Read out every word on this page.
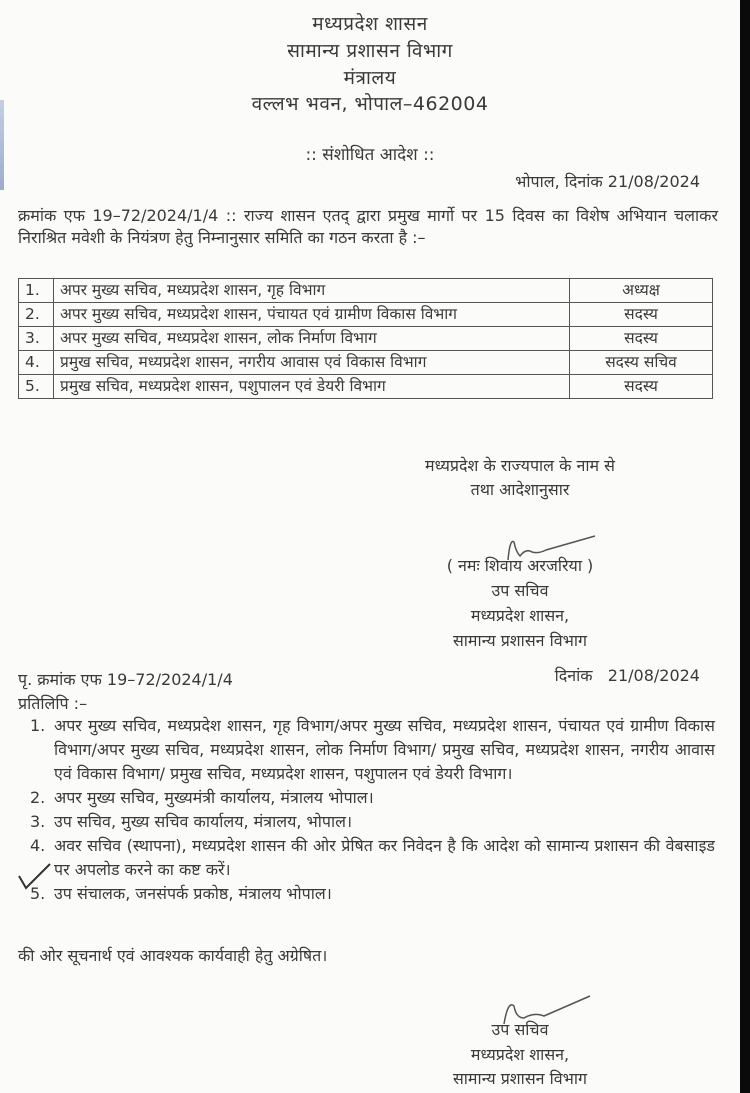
मध्यप्रदेश शासन
सामान्य प्रशासन विभाग
मंत्रालय
वल्लभ भवन, भोपाल–462004
:: संशोधित आदेश ::
भोपाल, दिनांक 21/08/2024
क्रमांक एफ 19–72/2024/1/4 :: राज्य शासन एतद् द्वारा प्रमुख मार्गो पर 15 दिवस का विशेष अभियान चलाकर निराश्रित मवेशी के नियंत्रण हेतु निम्नानुसार समिति का गठन करता है :–
1.	अपर मुख्य सचिव, मध्यप्रदेश शासन, गृह विभाग	अध्यक्ष
2.	अपर मुख्य सचिव, मध्यप्रदेश शासन, पंचायत एवं ग्रामीण विकास विभाग	सदस्य
3.	अपर मुख्य सचिव, मध्यप्रदेश शासन, लोक निर्माण विभाग	सदस्य
4.	प्रमुख सचिव, मध्यप्रदेश शासन, नगरीय आवास एवं विकास विभाग	सदस्य सचिव
5.	प्रमुख सचिव, मध्यप्रदेश शासन, पशुपालन एवं डेयरी विभाग	सदस्य
मध्यप्रदेश के राज्यपाल के नाम से
तथा आदेशानुसार
( नमः शिवाय अरजरिया )
उप सचिव
मध्यप्रदेश शासन,
सामान्य प्रशासन विभाग
पृ. क्रमांक एफ 19–72/2024/1/4	दिनांक   21/08/2024
प्रतिलिपि :–
1. अपर मुख्य सचिव, मध्यप्रदेश शासन, गृह विभाग/अपर मुख्य सचिव, मध्यप्रदेश शासन, पंचायत एवं ग्रामीण विकास विभाग/अपर मुख्य सचिव, मध्यप्रदेश शासन, लोक निर्माण विभाग/ प्रमुख सचिव, मध्यप्रदेश शासन, नगरीय आवास एवं विकास विभाग/ प्रमुख सचिव, मध्यप्रदेश शासन, पशुपालन एवं डेयरी विभाग।
2. अपर मुख्य सचिव, मुख्यमंत्री कार्यालय, मंत्रालय भोपाल।
3. उप सचिव, मुख्य सचिव कार्यालय, मंत्रालय, भोपाल।
4. अवर सचिव (स्थापना), मध्यप्रदेश शासन की ओर प्रेषित कर निवेदन है कि आदेश को सामान्य प्रशासन की वेबसाइड पर अपलोड करने का कष्ट करें।
5. उप संचालक, जनसंपर्क प्रकोष्ठ, मंत्रालय भोपाल।
की ओर सूचनार्थ एवं आवश्यक कार्यवाही हेतु अग्रेषित।
उप सचिव
मध्यप्रदेश शासन,
सामान्य प्रशासन विभाग
